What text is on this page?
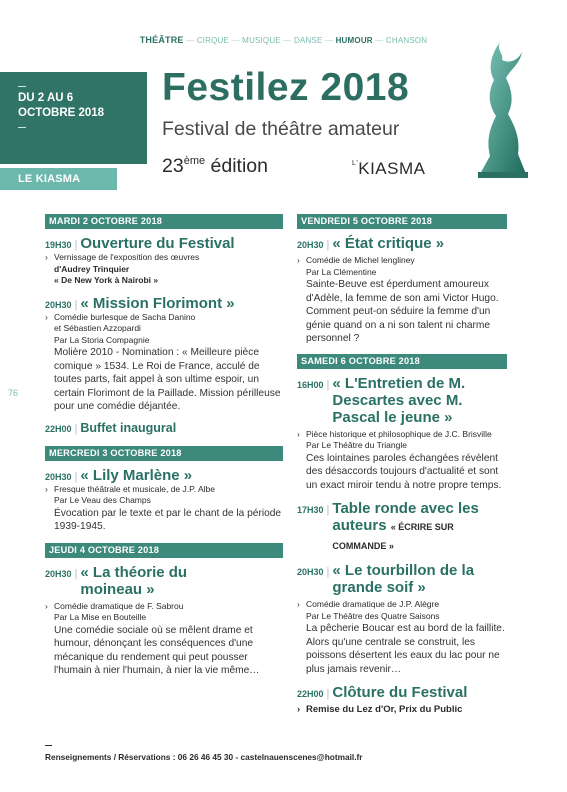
THÉÂTRE — CIRQUE — MUSIQUE — DANSE — HUMOUR — CHANSON
DU 2 AU 6
OCTOBRE 2018
LE KIASMA
Festilez 2018
Festival de théâtre amateur
23ème édition	$^{L'}$KIASMA
76
MARDI 2 OCTOBRE 2018
19H30 | Ouverture du Festival
› Vernissage de l'exposition des œuvres
d'Audrey Trinquier
« De New York à Nairobi »
20H30 | « Mission Florimont »
› Comédie burlesque de Sacha Danino
et Sébastien Azzopardi
Par La Storia Compagnie
Molière 2010 - Nomination : « Meilleure pièce comique » 1534. Le Roi de France, acculé de toutes parts, fait appel à son ultime espoir, un certain Florimont de la Paillade. Mission périlleuse pour une comédie déjantée.
22H00 | Buffet inaugural
MERCREDI 3 OCTOBRE 2018
20H30 | « Lily Marlène »
› Fresque théâtrale et musicale, de J.P. Albe
Par Le Veau des Champs
Évocation par le texte et par le chant de la période 1939-1945.
JEUDI 4 OCTOBRE 2018
20H30 | « La théorie du moineau »
› Comédie dramatique de F. Sabrou
Par La Mise en Bouteille
Une comédie sociale où se mêlent drame et humour, dénonçant les conséquences d'une mécanique du rendement qui peut pousser l'humain à nier l'humain, à nier la vie même…
VENDREDI 5 OCTOBRE 2018
20H30 | « État critique »
› Comédie de Michel lengliney
Par La Clémentine
Sainte-Beuve est éperdument amoureux d'Adèle, la femme de son ami Victor Hugo. Comment peut-on séduire la femme d'un génie quand on a ni son talent ni charme personnel ?
SAMEDI 6 OCTOBRE 2018
16H00 | « L'Entretien de M. Descartes avec M. Pascal le jeune »
› Pièce historique et philosophique de J.C. Brisville
Par Le Théâtre du Triangle
Ces lointaines paroles échangées révèlent des désaccords toujours d'actualité et sont un exact miroir tendu à notre propre temps.
17H30 | Table ronde avec les auteurs « ÉCRIRE SUR COMMANDE »
20H30 | « Le tourbillon de la grande soif »
› Comédie dramatique de J.P. Alègre
Par Le Théâtre des Quatre Saisons
La pêcherie Boucar est au bord de la faillite. Alors qu'une centrale se construit, les poissons désertent les eaux du lac pour ne plus jamais revenir…
22H00 | Clôture du Festival
› Remise du Lez d'Or, Prix du Public
Renseignements / Réservations : 06 26 46 45 30 - castelnauenscenes@hotmail.fr
